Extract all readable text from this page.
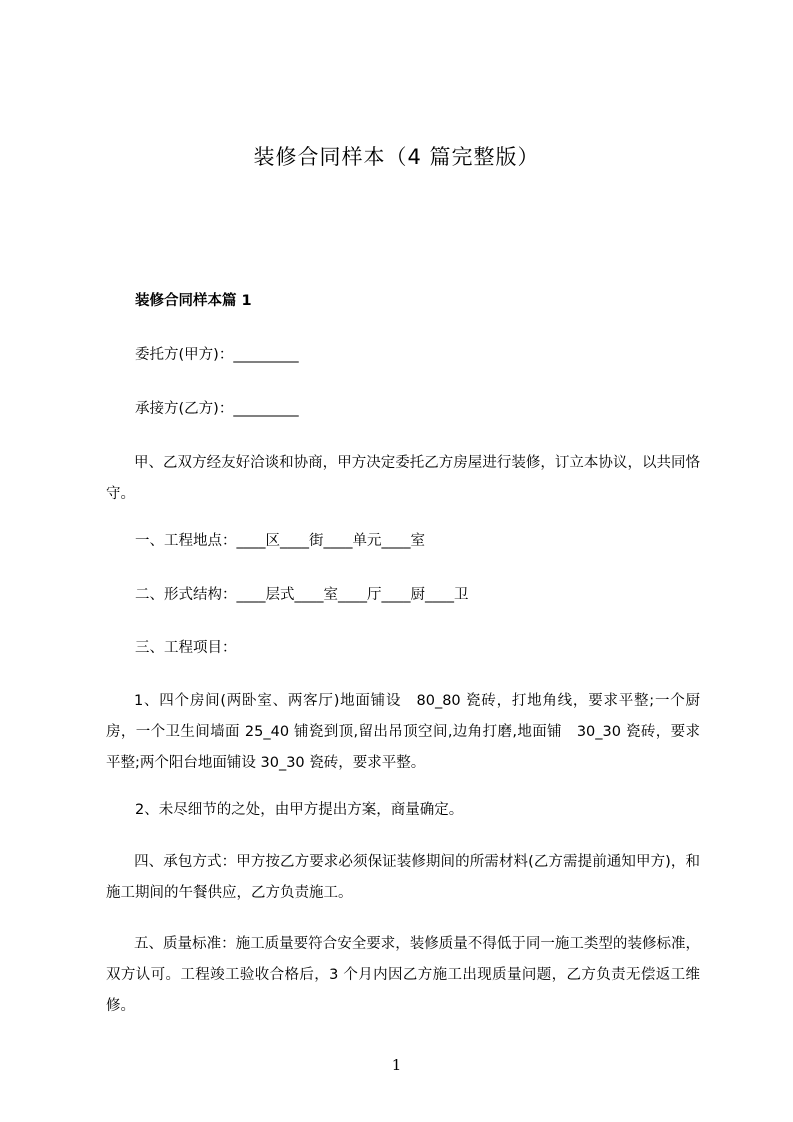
装修合同样本（4 篇完整版）
装修合同样本篇 1
委托方(甲方)：_________
承接方(乙方)：_________
甲、乙双方经友好洽谈和协商，甲方决定委托乙方房屋进行装修，订立本协议，以共同恪守。
一、工程地点：____区____街____单元____室
二、形式结构：____层式____室____厅____厨____卫
三、工程项目：
1、四个房间(两卧室、两客厅)地面铺设　80_80 瓷砖，打地角线，要求平整;一个厨房，一个卫生间墙面 25_40 铺瓷到顶,留出吊顶空间,边角打磨,地面铺　30_30 瓷砖，要求平整;两个阳台地面铺设 30_30 瓷砖，要求平整。
2、未尽细节的之处，由甲方提出方案，商量确定。
四、承包方式：甲方按乙方要求必须保证装修期间的所需材料(乙方需提前通知甲方)，和施工期间的午餐供应，乙方负责施工。
五、质量标准：施工质量要符合安全要求，装修质量不得低于同一施工类型的装修标准，双方认可。工程竣工验收合格后，3 个月内因乙方施工出现质量问题，乙方负责无偿返工维修。
1
